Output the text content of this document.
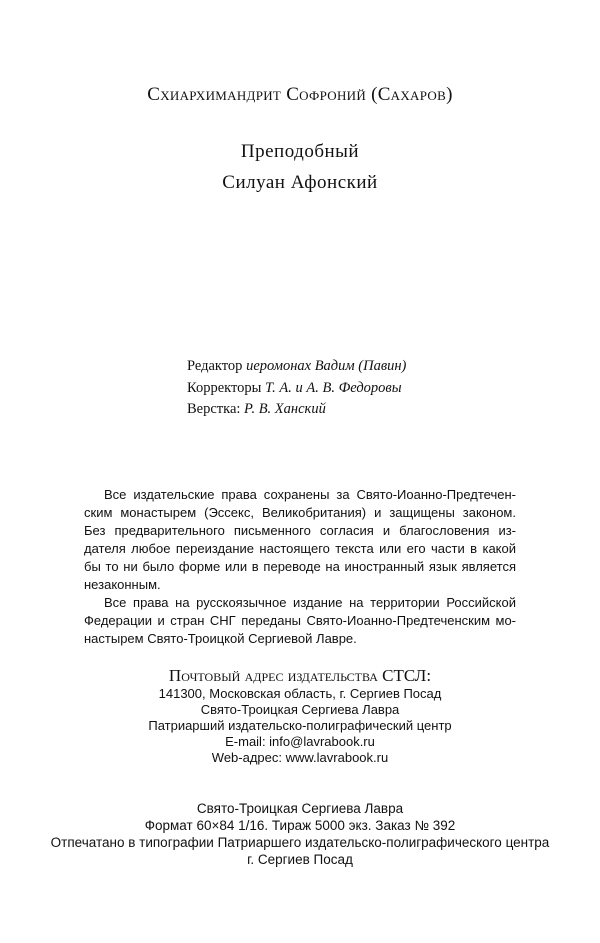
Схиархимандрит Софроний (Сахаров)
Преподобный
Силуан Афонский
Редактор иеромонах Вадим (Павин)
Корректоры Т. А. и А. В. Федоровы
Верстка: Р. В. Ханский
Все издательские права сохранены за Свято-Иоанно-Предтечен-
ским монастырем (Эссекс, Великобритания) и защищены законом.
Без предварительного письменного согласия и благословения из-
дателя любое переиздание настоящего текста или его части в какой
бы то ни было форме или в переводе на иностранный язык является
незаконным.
Все права на русскоязычное издание на территории Российской
Федерации и стран СНГ переданы Свято-Иоанно-Предтеченским мо-
настырем Свято-Троицкой Сергиевой Лавре.
Почтовый адрес издательства СТСЛ:
141300, Московская область, г. Сергиев Посад
Свято-Троицкая Сергиева Лавра
Патриарший издательско-полиграфический центр
E-mail: info@lavrabook.ru
Web-адрес: www.lavrabook.ru
Свято-Троицкая Сергиева Лавра
Формат 60×84 1/16. Тираж 5000 экз. Заказ № 392
Отпечатано в типографии Патриаршего издательско-полиграфического центра
г. Сергиев Посад
